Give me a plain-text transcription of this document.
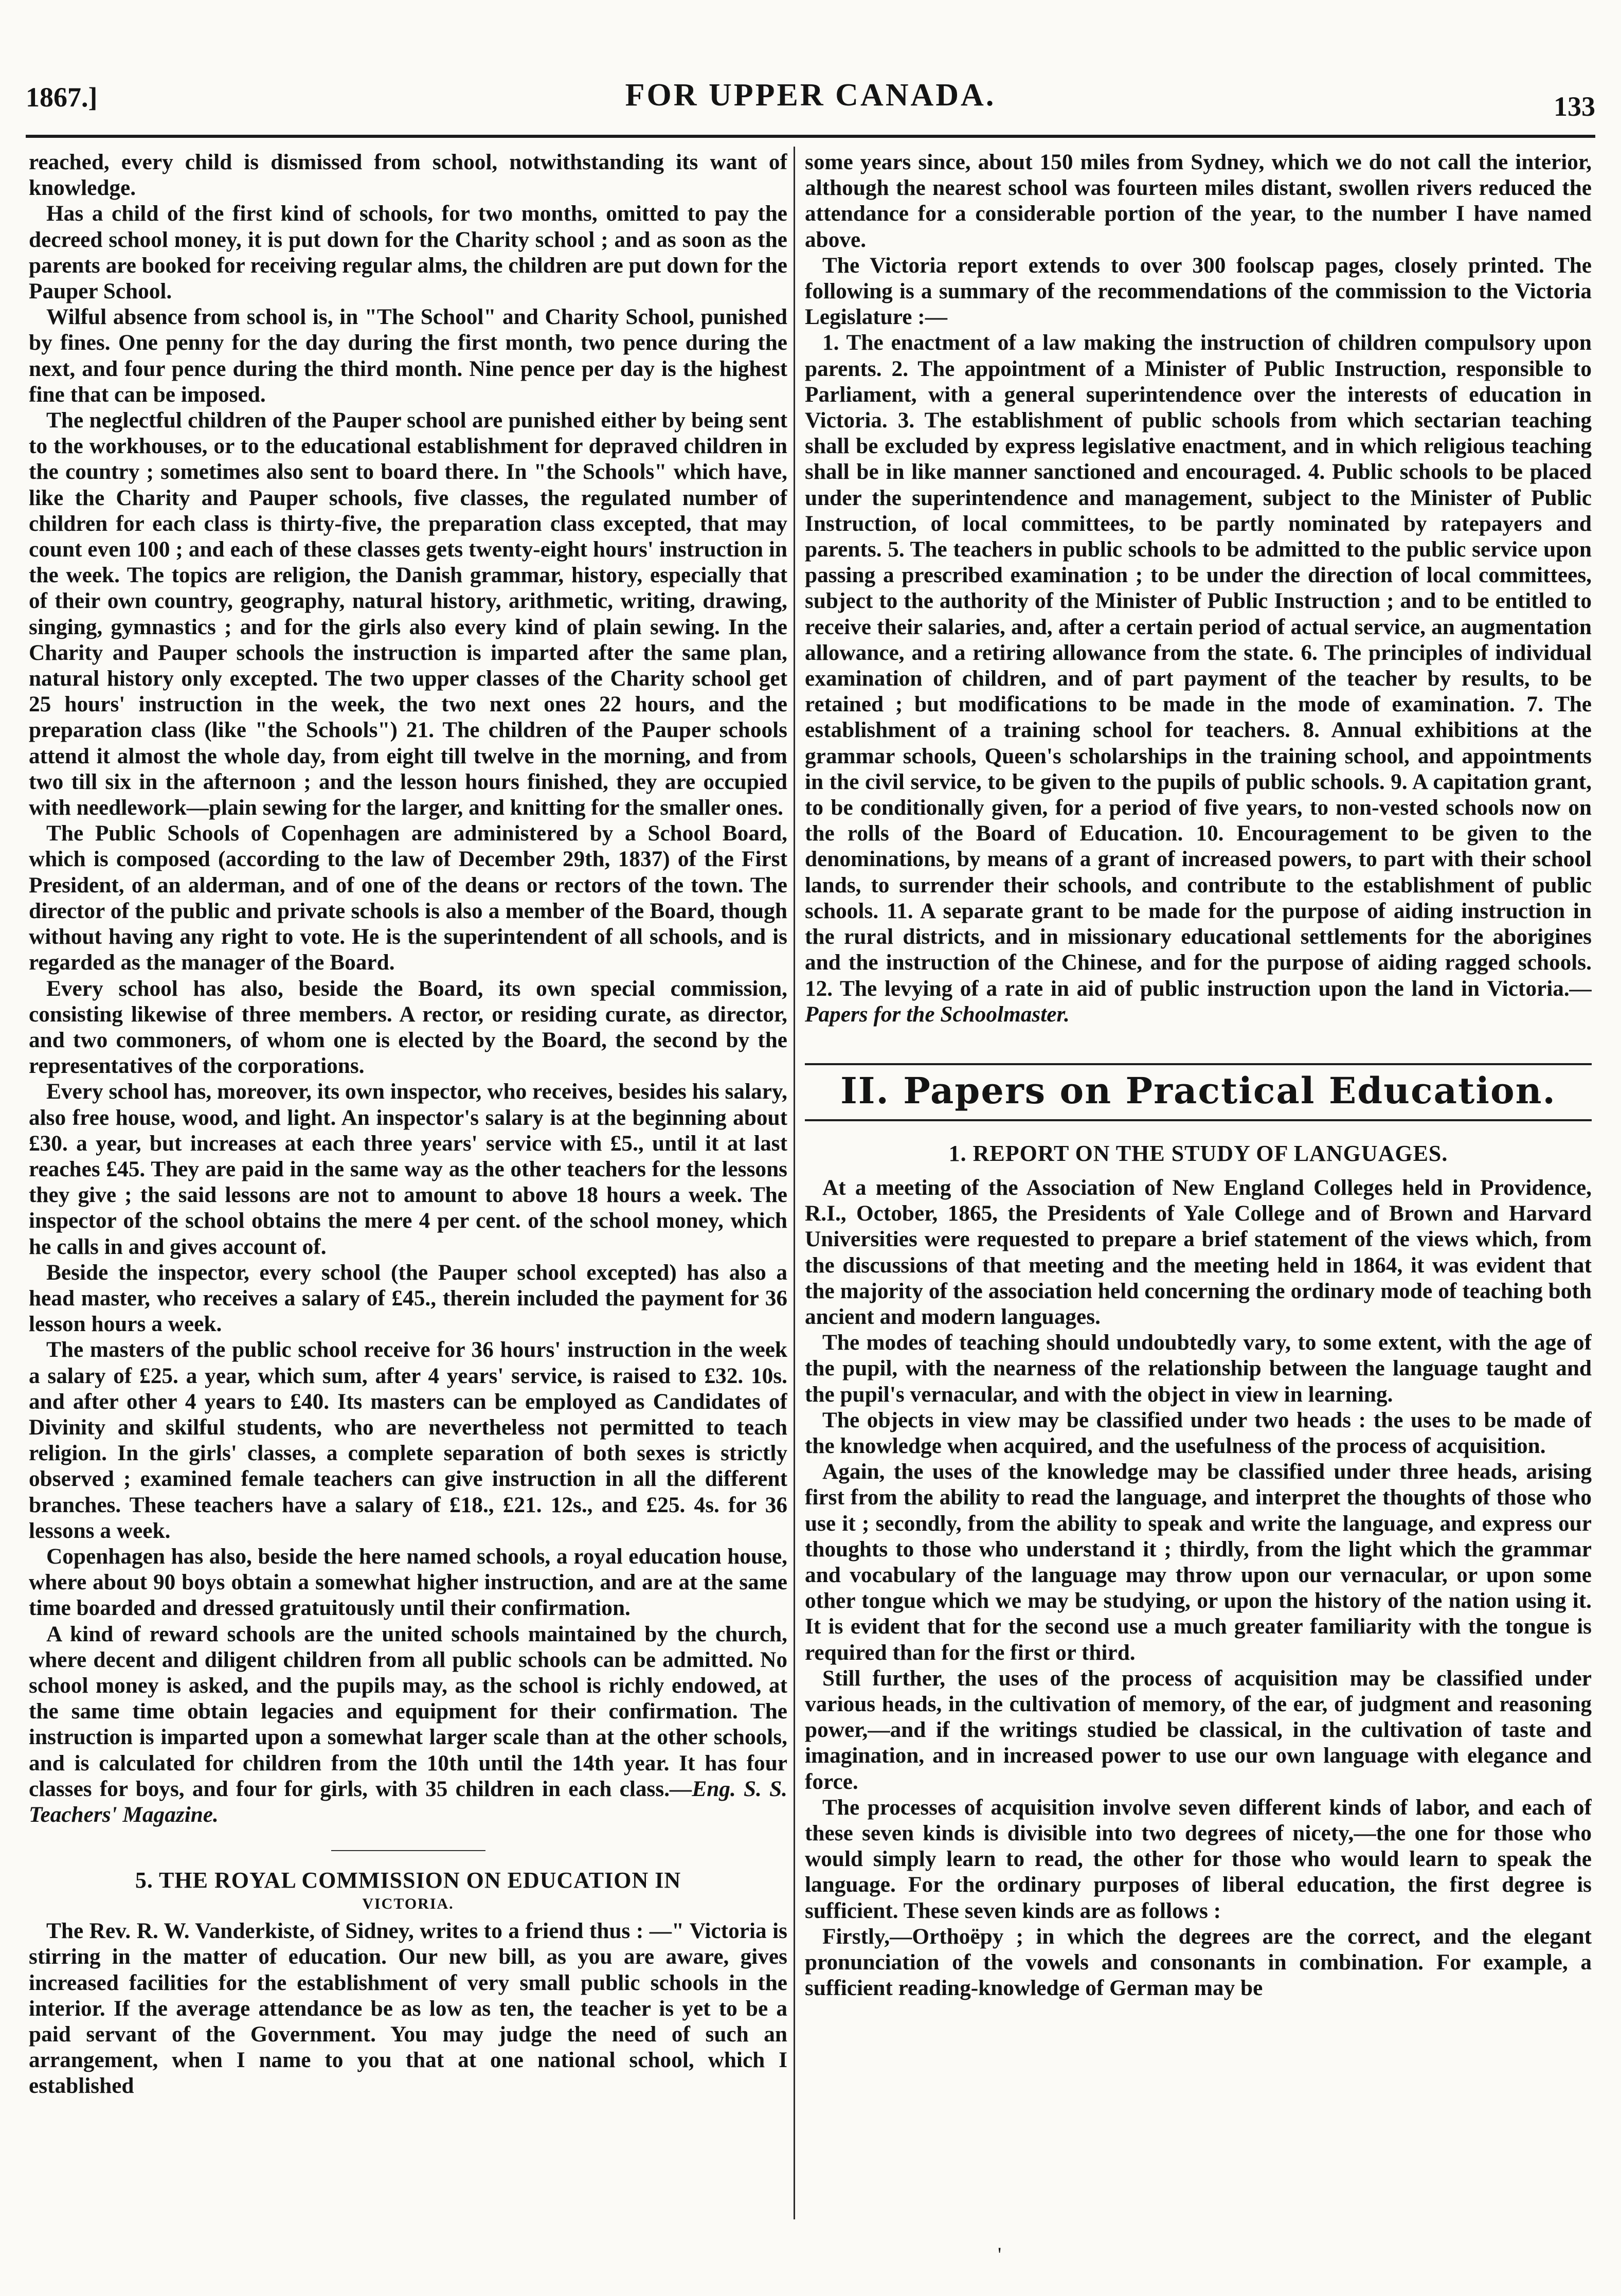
1867.]	FOR UPPER CANADA.	133

reached, every child is dismissed from school, notwithstanding its want of knowledge.

Has a child of the first kind of schools, for two months, omitted to pay the decreed school money, it is put down for the Charity school ; and as soon as the parents are booked for receiving regular alms, the children are put down for the Pauper School.

Wilful absence from school is, in "The School" and Charity School, punished by fines. One penny for the day during the first month, two pence during the next, and four pence during the third month. Nine pence per day is the highest fine that can be imposed.

The neglectful children of the Pauper school are punished either by being sent to the workhouses, or to the educational establishment for depraved children in the country ; sometimes also sent to board there. In "the Schools" which have, like the Charity and Pauper schools, five classes, the regulated number of children for each class is thirty-five, the preparation class excepted, that may count even 100 ; and each of these classes gets twenty-eight hours' instruction in the week. The topics are religion, the Danish grammar, history, especially that of their own country, geography, natural history, arithmetic, writing, drawing, singing, gymnastics ; and for the girls also every kind of plain sewing. In the Charity and Pauper schools the instruction is imparted after the same plan, natural history only excepted. The two upper classes of the Charity school get 25 hours' instruction in the week, the two next ones 22 hours, and the preparation class (like "the Schools") 21. The children of the Pauper schools attend it almost the whole day, from eight till twelve in the morning, and from two till six in the afternoon ; and the lesson hours finished, they are occupied with needlework—plain sewing for the larger, and knitting for the smaller ones.

The Public Schools of Copenhagen are administered by a School Board, which is composed (according to the law of December 29th, 1837) of the First President, of an alderman, and of one of the deans or rectors of the town. The director of the public and private schools is also a member of the Board, though without having any right to vote. He is the superintendent of all schools, and is regarded as the manager of the Board.

Every school has also, beside the Board, its own special commission, consisting likewise of three members. A rector, or residing curate, as director, and two commoners, of whom one is elected by the Board, the second by the representatives of the corporations.

Every school has, moreover, its own inspector, who receives, besides his salary, also free house, wood, and light. An inspector's salary is at the beginning about £30. a year, but increases at each three years' service with £5., until it at last reaches £45. They are paid in the same way as the other teachers for the lessons they give ; the said lessons are not to amount to above 18 hours a week. The inspector of the school obtains the mere 4 per cent. of the school money, which he calls in and gives account of.

Beside the inspector, every school (the Pauper school excepted) has also a head master, who receives a salary of £45., therein included the payment for 36 lesson hours a week.

The masters of the public school receive for 36 hours' instruction in the week a salary of £25. a year, which sum, after 4 years' service, is raised to £32. 10s. and after other 4 years to £40. Its masters can be employed as Candidates of Divinity and skilful students, who are nevertheless not permitted to teach religion. In the girls' classes, a complete separation of both sexes is strictly observed ; examined female teachers can give instruction in all the different branches. These teachers have a salary of £18., £21. 12s., and £25. 4s. for 36 lessons a week.

Copenhagen has also, beside the here named schools, a royal education house, where about 90 boys obtain a somewhat higher instruction, and are at the same time boarded and dressed gratuitously until their confirmation.

A kind of reward schools are the united schools maintained by the church, where decent and diligent children from all public schools can be admitted. No school money is asked, and the pupils may, as the school is richly endowed, at the same time obtain legacies and equipment for their confirmation. The instruction is imparted upon a somewhat larger scale than at the other schools, and is calculated for children from the 10th until the 14th year. It has four classes for boys, and four for girls, with 35 children in each class.—Eng. S. S. Teachers' Magazine.

5. THE ROYAL COMMISSION ON EDUCATION IN
VICTORIA.

The Rev. R. W. Vanderkiste, of Sidney, writes to a friend thus : —" Victoria is stirring in the matter of education. Our new bill, as you are aware, gives increased facilities for the establishment of very small public schools in the interior. If the average attendance be as low as ten, the teacher is yet to be a paid servant of the Government. You may judge the need of such an arrangement, when I name to you that at one national school, which I established

some years since, about 150 miles from Sydney, which we do not call the interior, although the nearest school was fourteen miles distant, swollen rivers reduced the attendance for a considerable portion of the year, to the number I have named above.

The Victoria report extends to over 300 foolscap pages, closely printed. The following is a summary of the recommendations of the commission to the Victoria Legislature :—

1. The enactment of a law making the instruction of children compulsory upon parents. 2. The appointment of a Minister of Public Instruction, responsible to Parliament, with a general superintendence over the interests of education in Victoria. 3. The establishment of public schools from which sectarian teaching shall be excluded by express legislative enactment, and in which religious teaching shall be in like manner sanctioned and encouraged. 4. Public schools to be placed under the superintendence and management, subject to the Minister of Public Instruction, of local committees, to be partly nominated by ratepayers and parents. 5. The teachers in public schools to be admitted to the public service upon passing a prescribed examination ; to be under the direction of local committees, subject to the authority of the Minister of Public Instruction ; and to be entitled to receive their salaries, and, after a certain period of actual service, an augmentation allowance, and a retiring allowance from the state. 6. The principles of individual examination of children, and of part payment of the teacher by results, to be retained ; but modifications to be made in the mode of examination. 7. The establishment of a training school for teachers. 8. Annual exhibitions at the grammar schools, Queen's scholarships in the training school, and appointments in the civil service, to be given to the pupils of public schools. 9. A capitation grant, to be conditionally given, for a period of five years, to non-vested schools now on the rolls of the Board of Education. 10. Encouragement to be given to the denominations, by means of a grant of increased powers, to part with their school lands, to surrender their schools, and contribute to the establishment of public schools. 11. A separate grant to be made for the purpose of aiding instruction in the rural districts, and in missionary educational settlements for the aborigines and the instruction of the Chinese, and for the purpose of aiding ragged schools. 12. The levying of a rate in aid of public instruction upon the land in Victoria.—Papers for the Schoolmaster.

II. Papers on Practical Education.
1. REPORT ON THE STUDY OF LANGUAGES.

At a meeting of the Association of New England Colleges held in Providence, R.I., October, 1865, the Presidents of Yale College and of Brown and Harvard Universities were requested to prepare a brief statement of the views which, from the discussions of that meeting and the meeting held in 1864, it was evident that the majority of the association held concerning the ordinary mode of teaching both ancient and modern languages.

The modes of teaching should undoubtedly vary, to some extent, with the age of the pupil, with the nearness of the relationship between the language taught and the pupil's vernacular, and with the object in view in learning.

The objects in view may be classified under two heads : the uses to be made of the knowledge when acquired, and the usefulness of the process of acquisition.

Again, the uses of the knowledge may be classified under three heads, arising first from the ability to read the language, and interpret the thoughts of those who use it ; secondly, from the ability to speak and write the language, and express our thoughts to those who understand it ; thirdly, from the light which the grammar and vocabulary of the language may throw upon our vernacular, or upon some other tongue which we may be studying, or upon the history of the nation using it. It is evident that for the second use a much greater familiarity with the tongue is required than for the first or third.

Still further, the uses of the process of acquisition may be classified under various heads, in the cultivation of memory, of the ear, of judgment and reasoning power,—and if the writings studied be classical, in the cultivation of taste and imagination, and in increased power to use our own language with elegance and force.

The processes of acquisition involve seven different kinds of labor, and each of these seven kinds is divisible into two degrees of nicety,—the one for those who would simply learn to read, the other for those who would learn to speak the language. For the ordinary purposes of liberal education, the first degree is sufficient. These seven kinds are as follows :

Firstly,—Orthoëpy ; in which the degrees are the correct, and the elegant pronunciation of the vowels and consonants in combination. For example, a sufficient reading-knowledge of German may be

'
